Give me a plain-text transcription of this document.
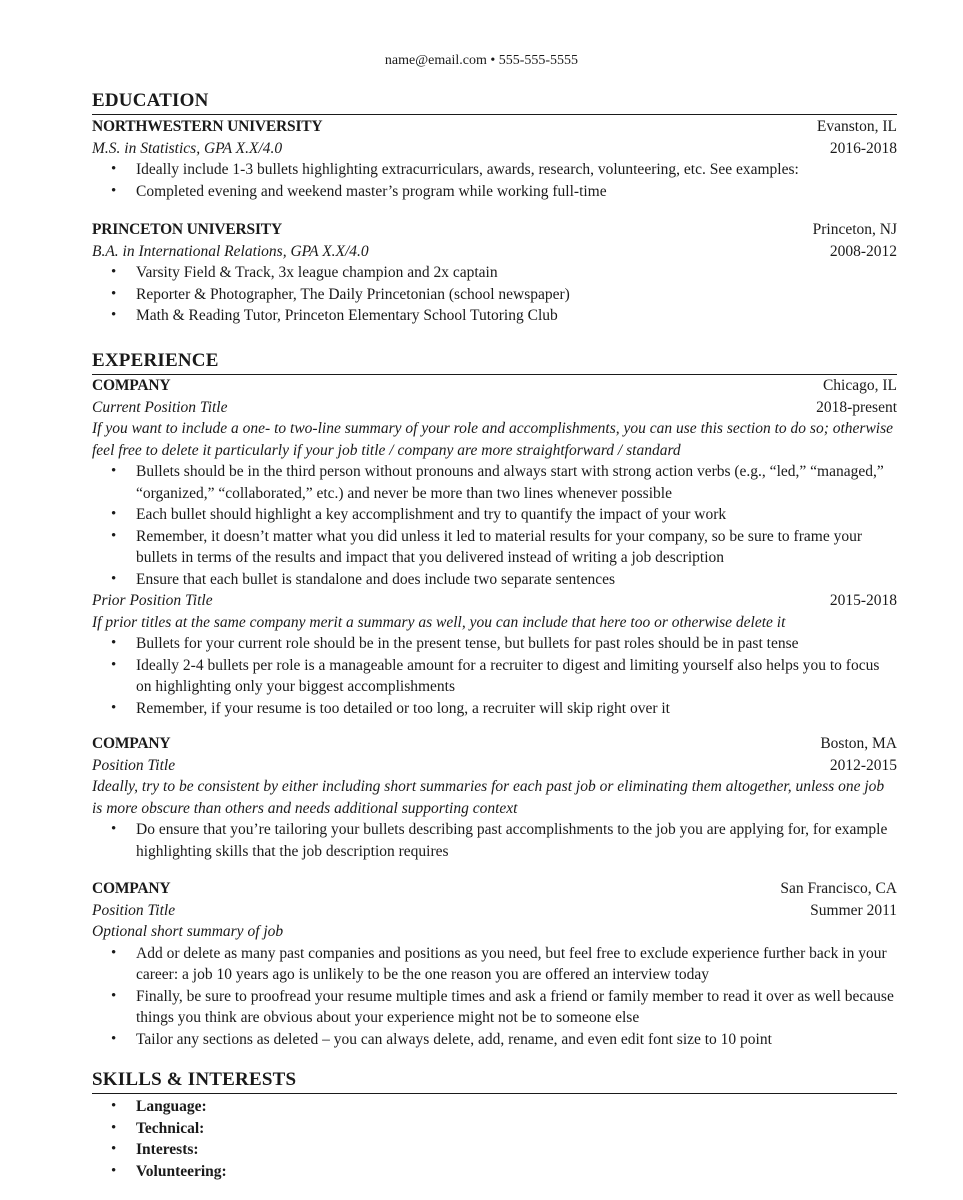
name@email.com • 555-555-5555
EDUCATION
NORTHWESTERN UNIVERSITY	Evanston, IL
M.S. in Statistics, GPA X.X/4.0	2016-2018
• Ideally include 1-3 bullets highlighting extracurriculars, awards, research, volunteering, etc. See examples:
• Completed evening and weekend master’s program while working full-time
PRINCETON UNIVERSITY	Princeton, NJ
B.A. in International Relations, GPA X.X/4.0	2008-2012
• Varsity Field & Track, 3x league champion and 2x captain
• Reporter & Photographer, The Daily Princetonian (school newspaper)
• Math & Reading Tutor, Princeton Elementary School Tutoring Club
EXPERIENCE
COMPANY	Chicago, IL
Current Position Title	2018-present
If you want to include a one- to two-line summary of your role and accomplishments, you can use this section to do so; otherwise feel free to delete it particularly if your job title / company are more straightforward / standard
• Bullets should be in the third person without pronouns and always start with strong action verbs (e.g., “led,” “managed,” “organized,” “collaborated,” etc.) and never be more than two lines whenever possible
• Each bullet should highlight a key accomplishment and try to quantify the impact of your work
• Remember, it doesn’t matter what you did unless it led to material results for your company, so be sure to frame your bullets in terms of the results and impact that you delivered instead of writing a job description
• Ensure that each bullet is standalone and does include two separate sentences
Prior Position Title	2015-2018
If prior titles at the same company merit a summary as well, you can include that here too or otherwise delete it
• Bullets for your current role should be in the present tense, but bullets for past roles should be in past tense
• Ideally 2-4 bullets per role is a manageable amount for a recruiter to digest and limiting yourself also helps you to focus on highlighting only your biggest accomplishments
• Remember, if your resume is too detailed or too long, a recruiter will skip right over it
COMPANY	Boston, MA
Position Title	2012-2015
Ideally, try to be consistent by either including short summaries for each past job or eliminating them altogether, unless one job is more obscure than others and needs additional supporting context
• Do ensure that you’re tailoring your bullets describing past accomplishments to the job you are applying for, for example highlighting skills that the job description requires
COMPANY	San Francisco, CA
Position Title	Summer 2011
Optional short summary of job
• Add or delete as many past companies and positions as you need, but feel free to exclude experience further back in your career: a job 10 years ago is unlikely to be the one reason you are offered an interview today
• Finally, be sure to proofread your resume multiple times and ask a friend or family member to read it over as well because things you think are obvious about your experience might not be to someone else
• Tailor any sections as deleted – you can always delete, add, rename, and even edit font size to 10 point
SKILLS & INTERESTS
• Language:
• Technical:
• Interests:
• Volunteering:
